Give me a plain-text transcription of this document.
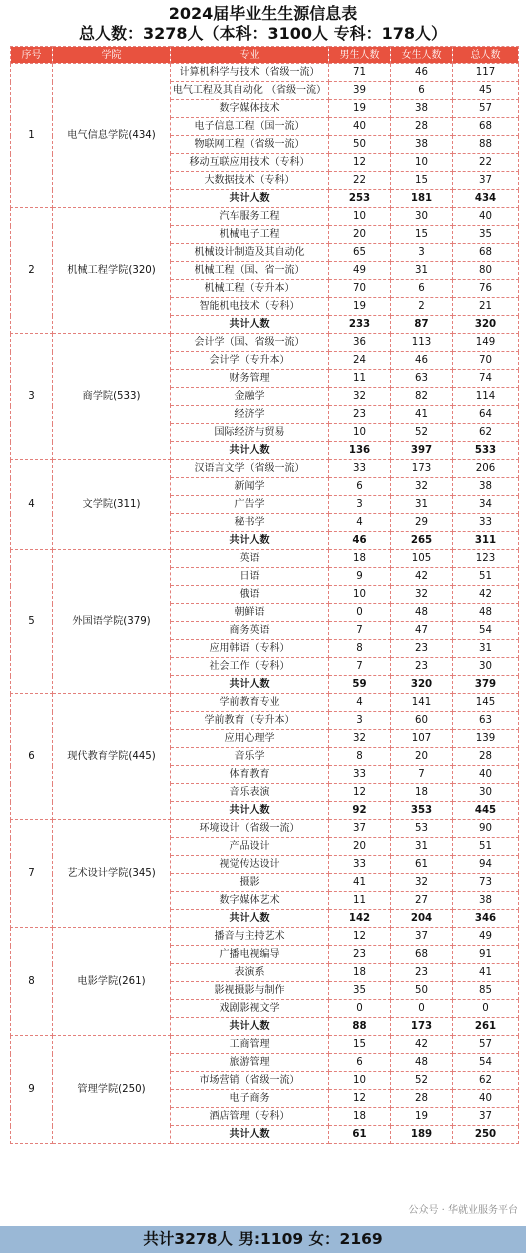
2024届毕业生生源信息表
总人数：3278人（本科：3100人 专科：178人）
序号	学院	专业	男生人数	女生人数	总人数
1	电气信息学院(434)	计算机科学与技术（省级一流）	71	46	117
		电气工程及其自动化 （省级一流）	39	6	45
		数字媒体技术	19	38	57
		电子信息工程（国一流）	40	28	68
		物联网工程（省级一流）	50	38	88
		移动互联应用技术（专科）	12	10	22
		大数据技术（专科）	22	15	37
		共计人数	253	181	434
2	机械工程学院(320)	汽车服务工程	10	30	40
		机械电子工程	20	15	35
		机械设计制造及其自动化	65	3	68
		机械工程（国、省一流）	49	31	80
		机械工程（专升本）	70	6	76
		智能机电技术（专科）	19	2	21
		共计人数	233	87	320
3	商学院(533)	会计学（国、省级一流）	36	113	149
		会计学（专升本）	24	46	70
		财务管理	11	63	74
		金融学	32	82	114
		经济学	23	41	64
		国际经济与贸易	10	52	62
		共计人数	136	397	533
4	文学院(311)	汉语言文学（省级一流）	33	173	206
		新闻学	6	32	38
		广告学	3	31	34
		秘书学	4	29	33
		共计人数	46	265	311
5	外国语学院(379)	英语	18	105	123
		日语	9	42	51
		俄语	10	32	42
		朝鲜语	0	48	48
		商务英语	7	47	54
		应用韩语（专科）	8	23	31
		社会工作（专科）	7	23	30
		共计人数	59	320	379
6	现代教育学院(445)	学前教育专业	4	141	145
		学前教育（专升本）	3	60	63
		应用心理学	32	107	139
		音乐学	8	20	28
		体育教育	33	7	40
		音乐表演	12	18	30
		共计人数	92	353	445
7	艺术设计学院(345)	环境设计（省级一流）	37	53	90
		产品设计	20	31	51
		视觉传达设计	33	61	94
		摄影	41	32	73
		数字媒体艺术	11	27	38
		共计人数	142	204	346
8	电影学院(261)	播音与主持艺术	12	37	49
		广播电视编导	23	68	91
		表演系	18	23	41
		影视摄影与制作	35	50	85
		戏剧影视文学	0	0	0
		共计人数	88	173	261
9	管理学院(250)	工商管理	15	42	57
		旅游管理	6	48	54
		市场营销（省级一流）	10	52	62
		电子商务	12	28	40
		酒店管理（专科）	18	19	37
		共计人数	61	189	250
公众号 · 华就业服务平台
共计3278人 男:1109 女：2169
